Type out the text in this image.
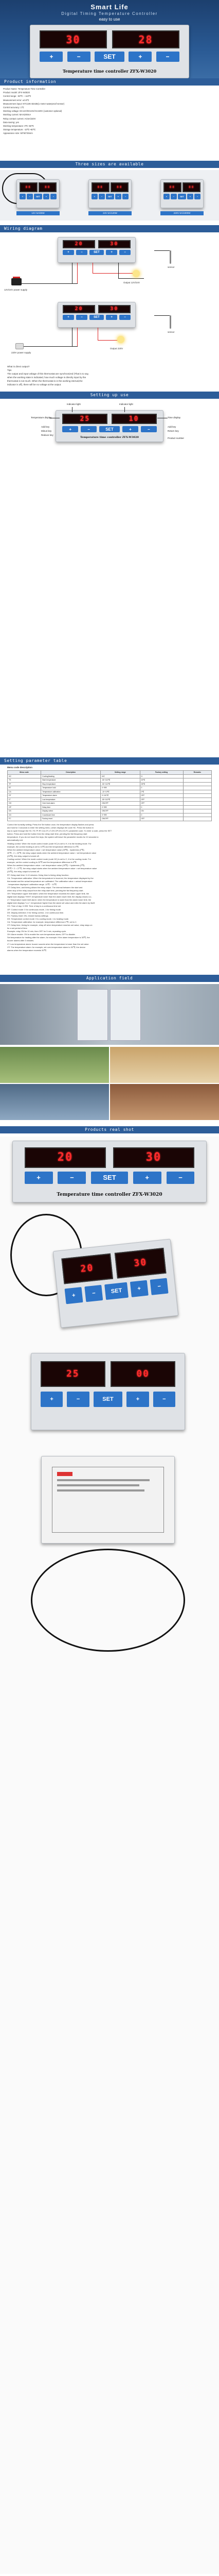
Smart Life
Digital Timing Temperature Controller
easy to use
30	28
+	−	SET	+	−
Temperature time controller ZFX-W3020
Product information
Product Name: Temperature Time Controller
Product model: ZFX-W3020
Control range: -50℃ ~ 110℃
Measurement error: ±0.5℃
Measurement input: NTC10K B3435(1 meter waterproof sensor)
Control accuracy: 1℃
Working voltage: DC12V/DC24V/AC220V (customer optional)
Working current: MAX200mA
Relay contact current: AC5A/220V
Data saving: yes
Working temperature: 0℃~50℃
Storage temperature: -10℃~60℃
Appearance size: 50*50*25mm
Three sizes are available
88	88
+	−	SET	+	−
88	88
+	−	SET	+	−
88	88
+	−	SET	+	−
12V 5A/60W	24V 5A/120W	220V 5A/1000W
Wiring diagram
20	30
+	−	SET	+	−
12V/24V power supply
Output 12V/24V
sensor
20	30
+	−	SET	+	−
220V power supply
Output 220V
sensor
What is direct output?
Tips
The output and input voltage of this thermostat are synchronized (That is to say,
when the working state is indicated, how much voltage is directly input by the
thermostat is not much. When the thermostat is in the working interval,the
indicator is off), there will be no voltage at the output.
Setting up use
25	10
+	−	SET	+	−
Temperature time controller ZFX-W3020
Indicator light	Indicator light
Temperature display	Time display
Add key
Minus key
Reduce key
Add key
Return key
Product number
Setting parameter table
Menu code description
Menu code	Description	Setting range	Factory setting	Remarks
HC	Cooling/heating	H/C	H	
TS	Start temperature	-50~110℃	20℃	
TP	Stop temperature	-50~110℃	25℃	
RT	Temperature hold	0~999	0	
CA	Temperature calibration	-10~10℃	0℃	
OT	Temperature alarm	0~110℃	OFF	
LT	Low temperature	-50~110℃	OFF	
OH	Over heat alarm	ON/OFF	OFF	
OP	Delay time	0~999	0	
DS	Display select	ON/OFF	ON	
CD	Countdown time	0~999	0	
FC	Factory reset	ON/OFF	OFF	
Control the humidity setting: Press the Set button once, the temperature display flashes and press
and hold for 3 seconds to enter the setting menu, which displays the code HC. Press the button in
key to cycle through the HC-TS-TP-RT-CA-OT-LT-OH-OP-DS-CD-FC parameter code. To enter a code, press the SET
button. Press and hold the button then the delay start time, pending the flat frequency start
temperature. If you do not touch the keys, the system will leave the parameter modes for 10 seconds to
automatically exit.
Heating control: When the mode control mode (code HC) is set to H, it is the heating mode. For
example, the control heating is set to 10℃ and the temperature difference is 5℃.
When the ambient temperature value < set temperature value (25℃) - hysteresis (2℃)
25℃ - 2 = 23℃, the relay output starts when the ambient temperature value > set temperature value
(25℃), the relay output is turned off.
Cooling control: When the mode control mode (code HC) is set to C, it is the cooling mode. For
example, set the control cooling to 25℃ and the temperature difference is 5℃.
When the ambient temperature value > set temperature value (25℃) + hysteresis (2℃)
25℃ + 2 = 27℃, the relay output starts when the ambient temperature value < set temperature value
(25℃), the relay output is turned off.
RT: Delay start time: 0-10 minutes: Delay time is timing delay function.
CA: Temperature calibration: When the temperature is incorrect, the temperature displayed by the
thermostat and the actual temperature are calibrated. The calibration value = actual temperature
- temperature displayed: calibration range -10℃ ~ 10℃.
OT: Delay time, and timing allows the relay output. The interval between the start and
when stop of the relay output from the relay start time, pending the flat frequency start.
OH: Temperature upper limit alarm: when the temperature exceeds the alarm upper limit, the
digital tube displays “HHH”; temperature lower than the alarm lower limit, the display shows LLL.
LT: Temperature lower limit alarm: when the temperature is lower than the alarm lower limit, the
digital tube displays “LLL”; temperature higher than the alarm set value and exits the alarm by itself.
CD: Time of day: 0-999: Time of day is a continuous time set.
OP: Control mode: 0 for continuous mode, 1 for timing mode.
DS: Display selection: 0 for timing control, 1 for continuous time.
FC: Factory reset: ON, restore factory settings.
DS: Temperature control mode: 0 to cooling mode; 1 to heating mode.
CA: Temperature calibration: for example, temperature difference 2℃, set to 2.
OT: Delay time, timing for example, relay off when temperature reaches set value; relay stays on
for a set period of time.
Example: relay ON for 10 min, then OFF for 5 min, repeating cycle.
OH: Alarm enable: ON to enable the over-temperature alarm; OFF to disable.
Set temperature for heating after the alarm; for example: if the alarm temperature is 35℃, the
buzzer alarms after 3 minutes.
LT: Low temperature alarm: buzzer sounds when the temperature is lower than the set value.
OT: The temperature alarm: for example, set over-temperature alarm to 30℃; the device
alarms when the temperature exceeds 30℃.
Application field
Products real shot
20	30
+	−	SET	+	−
Temperature time controller ZFX-W3020
20	30
+	−	SET	+	−
25	00
+	−	SET	+	−
